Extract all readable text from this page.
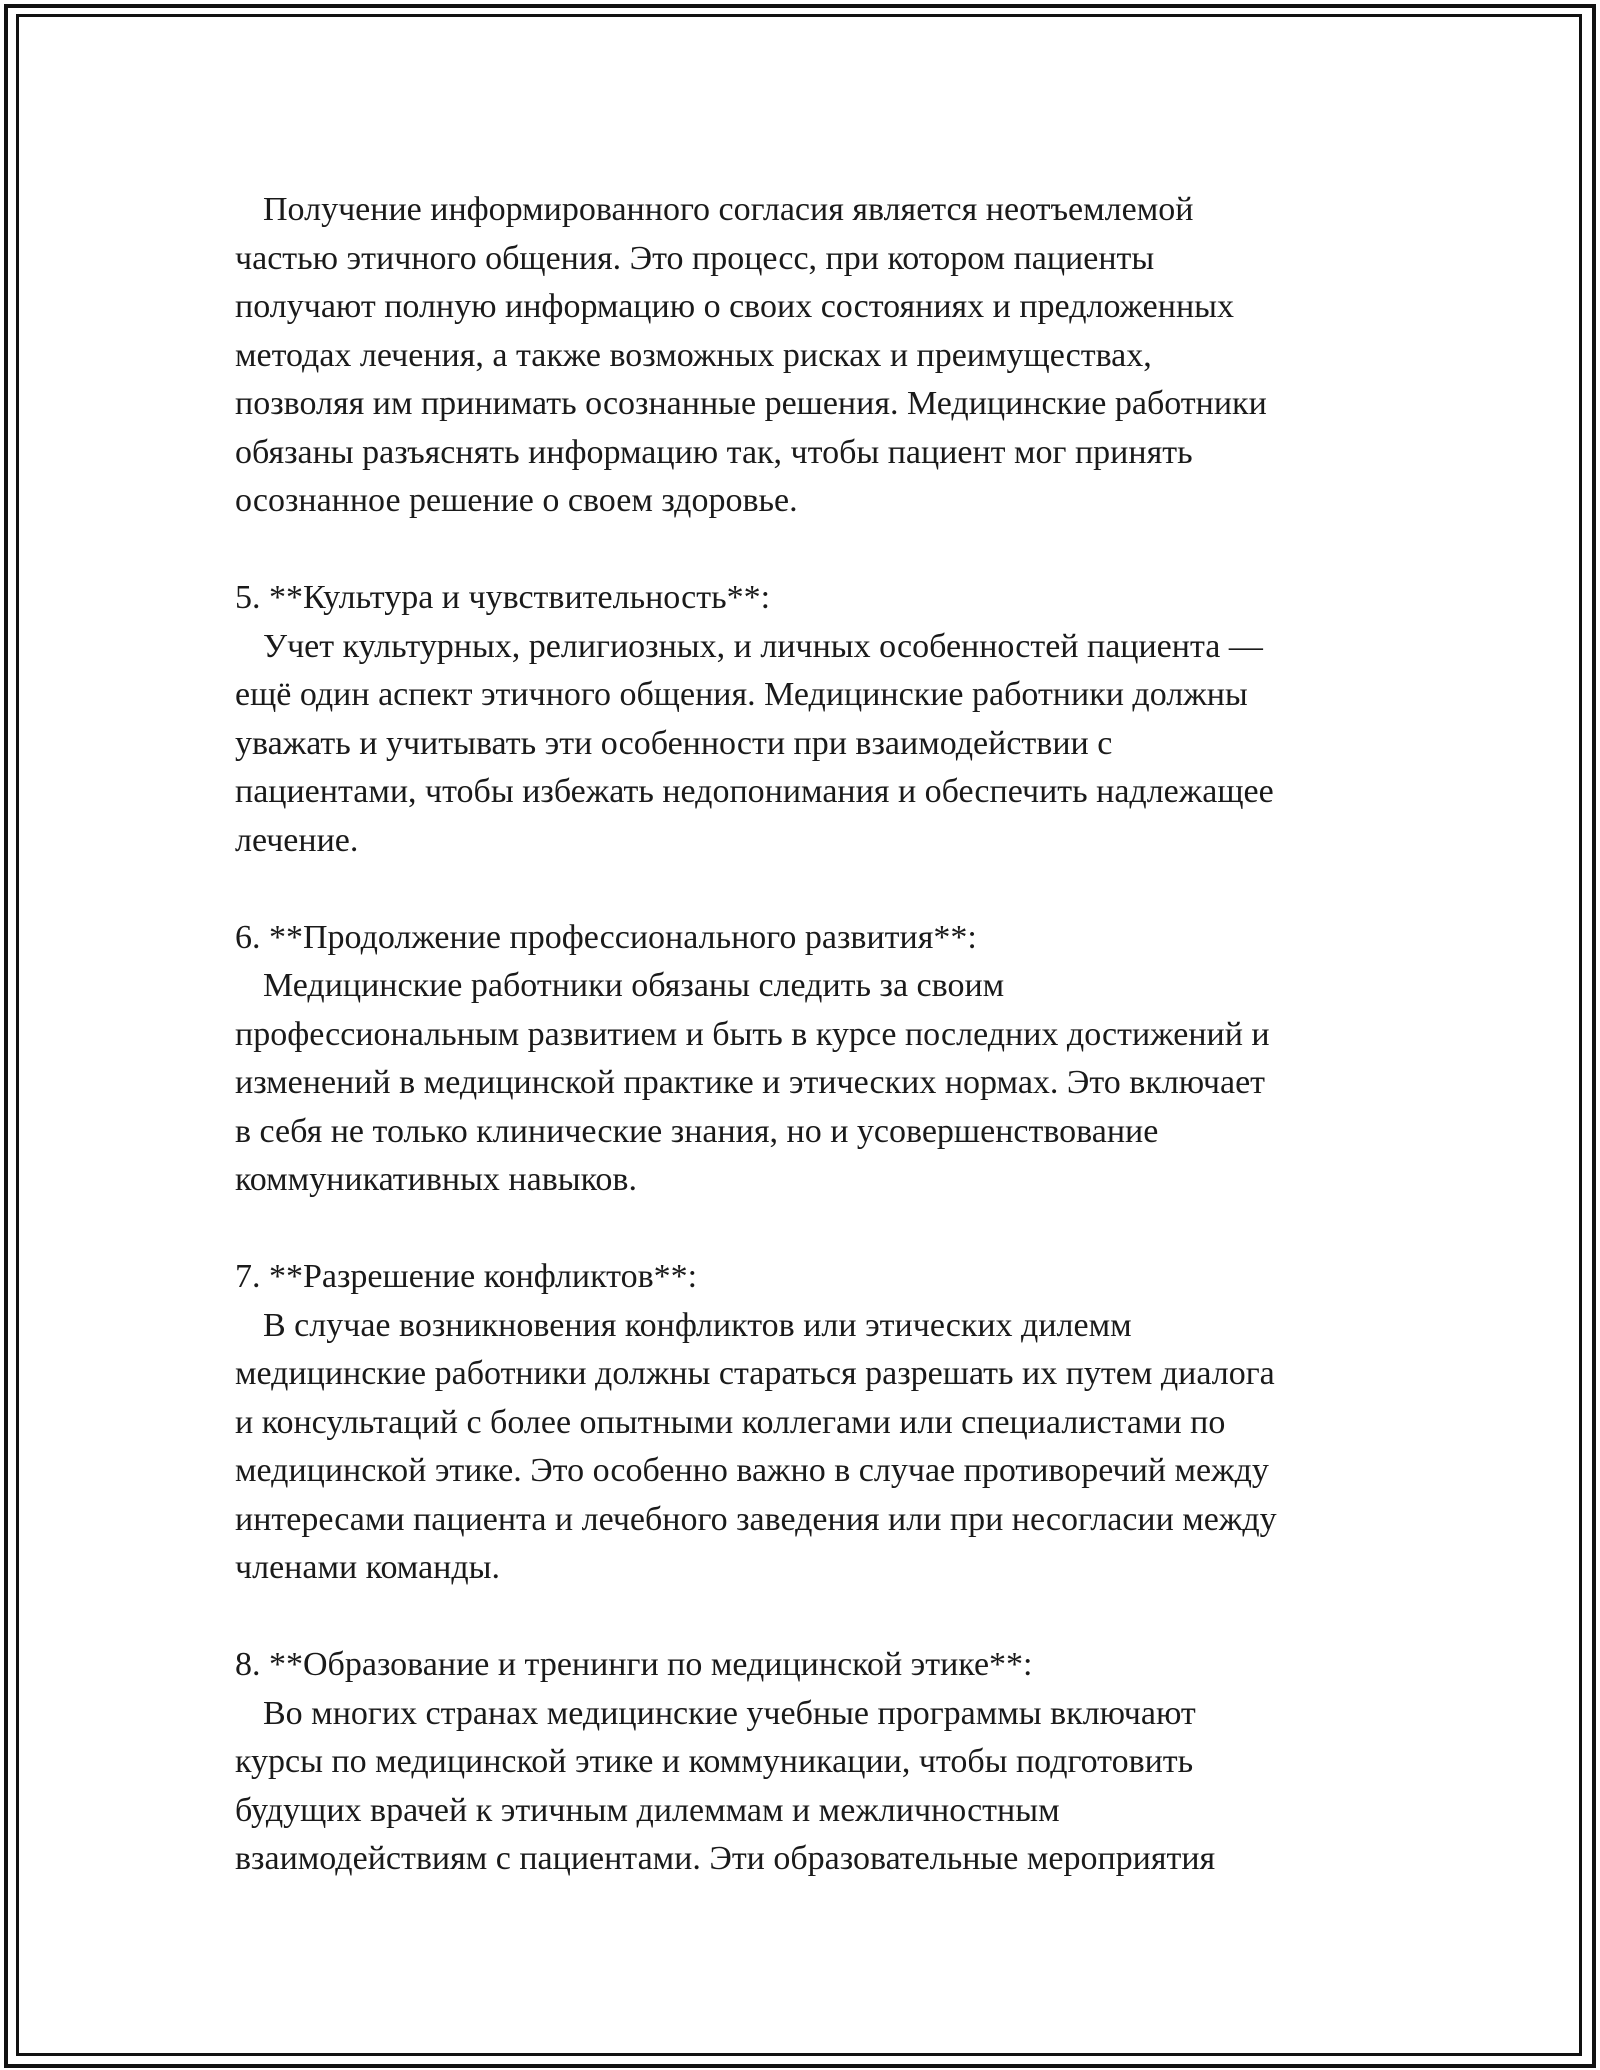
Получение информированного согласия является неотъемлемой
частью этичного общения. Это процесс, при котором пациенты
получают полную информацию о своих состояниях и предложенных
методах лечения, а также возможных рисках и преимуществах,
позволяя им принимать осознанные решения. Медицинские работники
обязаны разъяснять информацию так, чтобы пациент мог принять
осознанное решение о своем здоровье.
5. **Культура и чувствительность**:
Учет культурных, религиозных, и личных особенностей пациента —
ещё один аспект этичного общения. Медицинские работники должны
уважать и учитывать эти особенности при взаимодействии с
пациентами, чтобы избежать недопонимания и обеспечить надлежащее
лечение.
6. **Продолжение профессионального развития**:
Медицинские работники обязаны следить за своим
профессиональным развитием и быть в курсе последних достижений и
изменений в медицинской практике и этических нормах. Это включает
в себя не только клинические знания, но и усовершенствование
коммуникативных навыков.
7. **Разрешение конфликтов**:
В случае возникновения конфликтов или этических дилемм
медицинские работники должны стараться разрешать их путем диалога
и консультаций с более опытными коллегами или специалистами по
медицинской этике. Это особенно важно в случае противоречий между
интересами пациента и лечебного заведения или при несогласии между
членами команды.
8. **Образование и тренинги по медицинской этике**:
Во многих странах медицинские учебные программы включают
курсы по медицинской этике и коммуникации, чтобы подготовить
будущих врачей к этичным дилеммам и межличностным
взаимодействиям с пациентами. Эти образовательные мероприятия
